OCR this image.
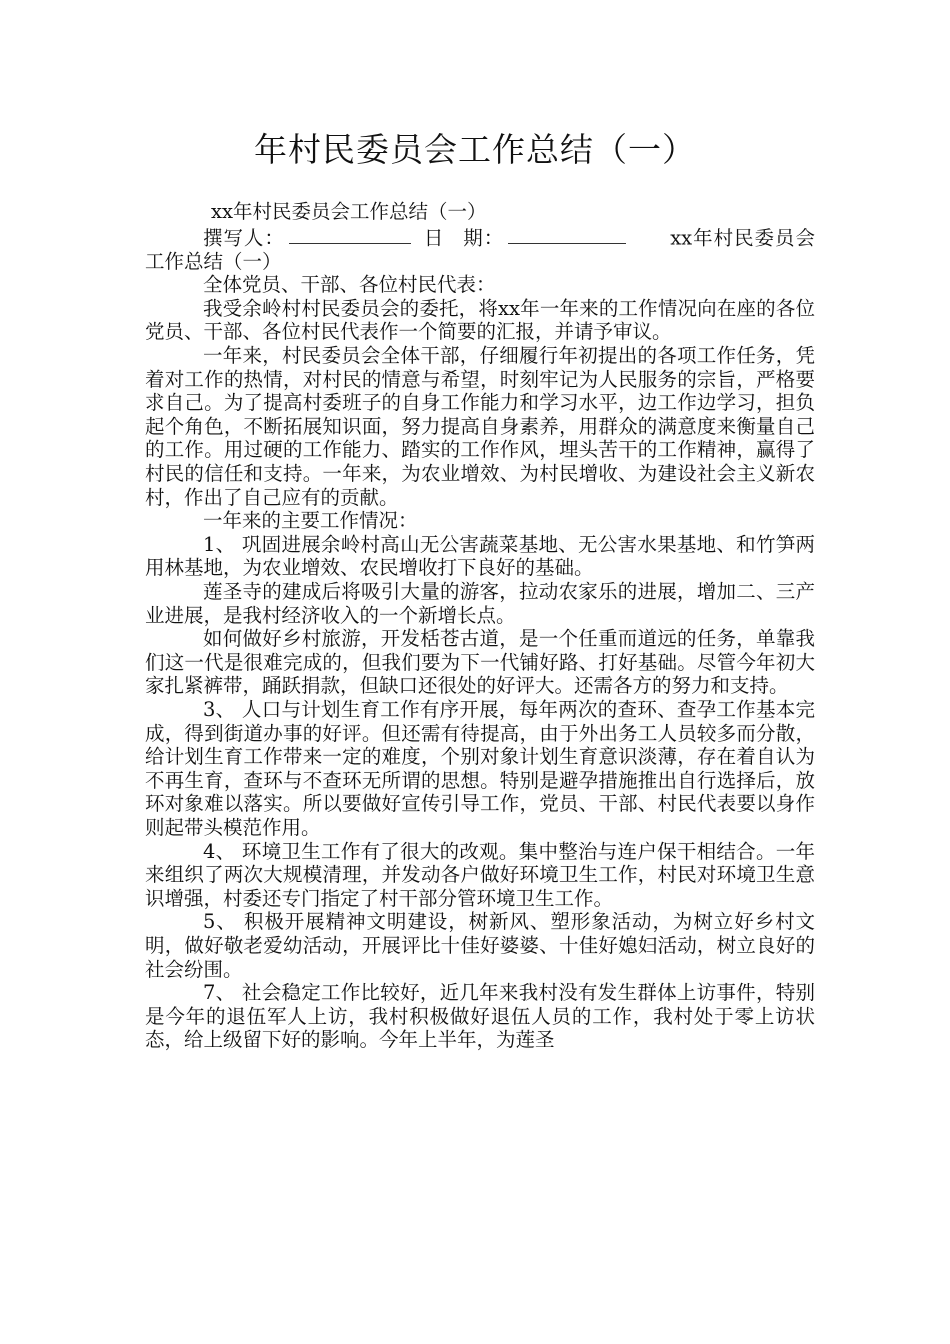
年村民委员会工作总结（一）

xx年村民委员会工作总结（一）

撰写人：	日 期：	xx年村民委员会工作总结（一）

全体党员、干部、各位村民代表：

我受余岭村村民委员会的委托，将xx年一年来的工作情况向在座的各位党员、干部、各位村民代表作一个简要的汇报，并请予审议。

一年来，村民委员会全体干部，仔细履行年初提出的各项工作任务，凭着对工作的热情，对村民的情意与希望，时刻牢记为人民服务的宗旨，严格要求自己。为了提高村委班子的自身工作能力和学习水平，边工作边学习，担负起个角色，不断拓展知识面，努力提高自身素养，用群众的满意度来衡量自己的工作。用过硬的工作能力、踏实的工作作风，埋头苦干的工作精神，赢得了村民的信任和支持。一年来，为农业增效、为村民增收、为建设社会主义新农村，作出了自己应有的贡献。

一年来的主要工作情况：

1、 巩固进展余岭村高山无公害蔬菜基地、无公害水果基地、和竹笋两用林基地，为农业增效、农民增收打下良好的基础。

莲圣寺的建成后将吸引大量的游客，拉动农家乐的进展，增加二、三产业进展，是我村经济收入的一个新增长点。

如何做好乡村旅游，开发栝苍古道，是一个任重而道远的任务，单靠我们这一代是很难完成的，但我们要为下一代铺好路、打好基础。尽管今年初大家扎紧裤带，踊跃捐款，但缺口还很处的好评大。还需各方的努力和支持。

3、 人口与计划生育工作有序开展，每年两次的查环、查孕工作基本完成，得到街道办事的好评。但还需有待提高，由于外出务工人员较多而分散，给计划生育工作带来一定的难度，个别对象计划生育意识淡薄，存在着自认为不再生育，查环与不查环无所谓的思想。特别是避孕措施推出自行选择后，放环对象难以落实。所以要做好宣传引导工作，党员、干部、村民代表要以身作则起带头模范作用。

4、 环境卫生工作有了很大的改观。集中整治与连户保干相结合。一年来组织了两次大规模清理，并发动各户做好环境卫生工作，村民对环境卫生意识增强，村委还专门指定了村干部分管环境卫生工作。

5、 积极开展精神文明建设，树新风、塑形象活动，为树立好乡村文明，做好敬老爱幼活动，开展评比十佳好婆婆、十佳好媳妇活动，树立良好的社会纷围。

7、 社会稳定工作比较好，近几年来我村没有发生群体上访事件，特别是今年的退伍军人上访，我村积极做好退伍人员的工作，我村处于零上访状态，给上级留下好的影响。今年上半年，为莲圣
